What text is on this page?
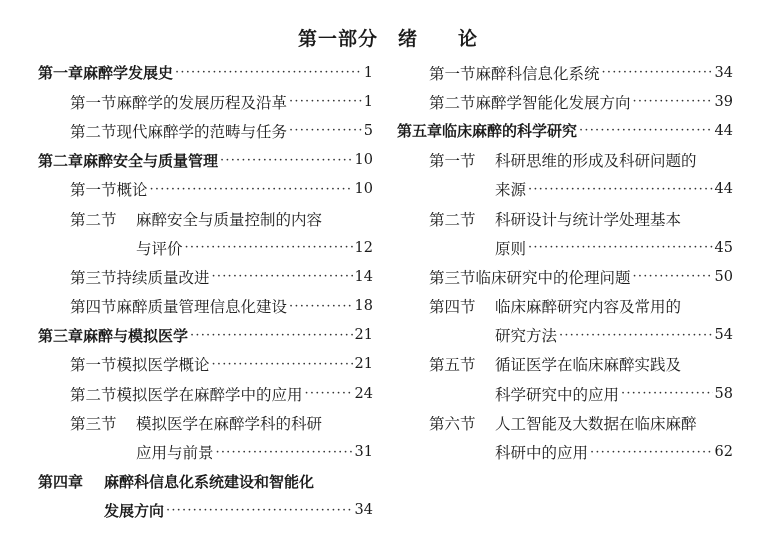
第一部分　绪　　论
第一章 麻醉学发展史 ·····	1
第一节 麻醉学的发展历程及沿革 ·····	1
第二节 现代麻醉学的范畴与任务 ·····	5
第二章 麻醉安全与质量管理 ·····	10
第一节 概论 ·····	10
第二节	麻醉安全与质量控制的内容
与评价 ·····	12
第三节 持续质量改进 ·····	14
第四节 麻醉质量管理信息化建设 ·····	18
第三章 麻醉与模拟医学 ·····	21
第一节 模拟医学概论 ·····	21
第二节 模拟医学在麻醉学中的应用 ·····	24
第三节	模拟医学在麻醉学科的科研
应用与前景 ·····	31
第四章	麻醉科信息化系统建设和智能化
发展方向 ·····	34
第一节 麻醉科信息化系统 ·····	34
第二节 麻醉学智能化发展方向 ·····	39
第五章 临床麻醉的科学研究 ·····	44
第一节	科研思维的形成及科研问题的
来源 ·····	44
第二节	科研设计与统计学处理基本
原则 ·····	45
第三节 临床研究中的伦理问题 ·····	50
第四节	临床麻醉研究内容及常用的
研究方法 ·····	54
第五节	循证医学在临床麻醉实践及
科学研究中的应用 ·····	58
第六节	人工智能及大数据在临床麻醉
科研中的应用 ·····	62
